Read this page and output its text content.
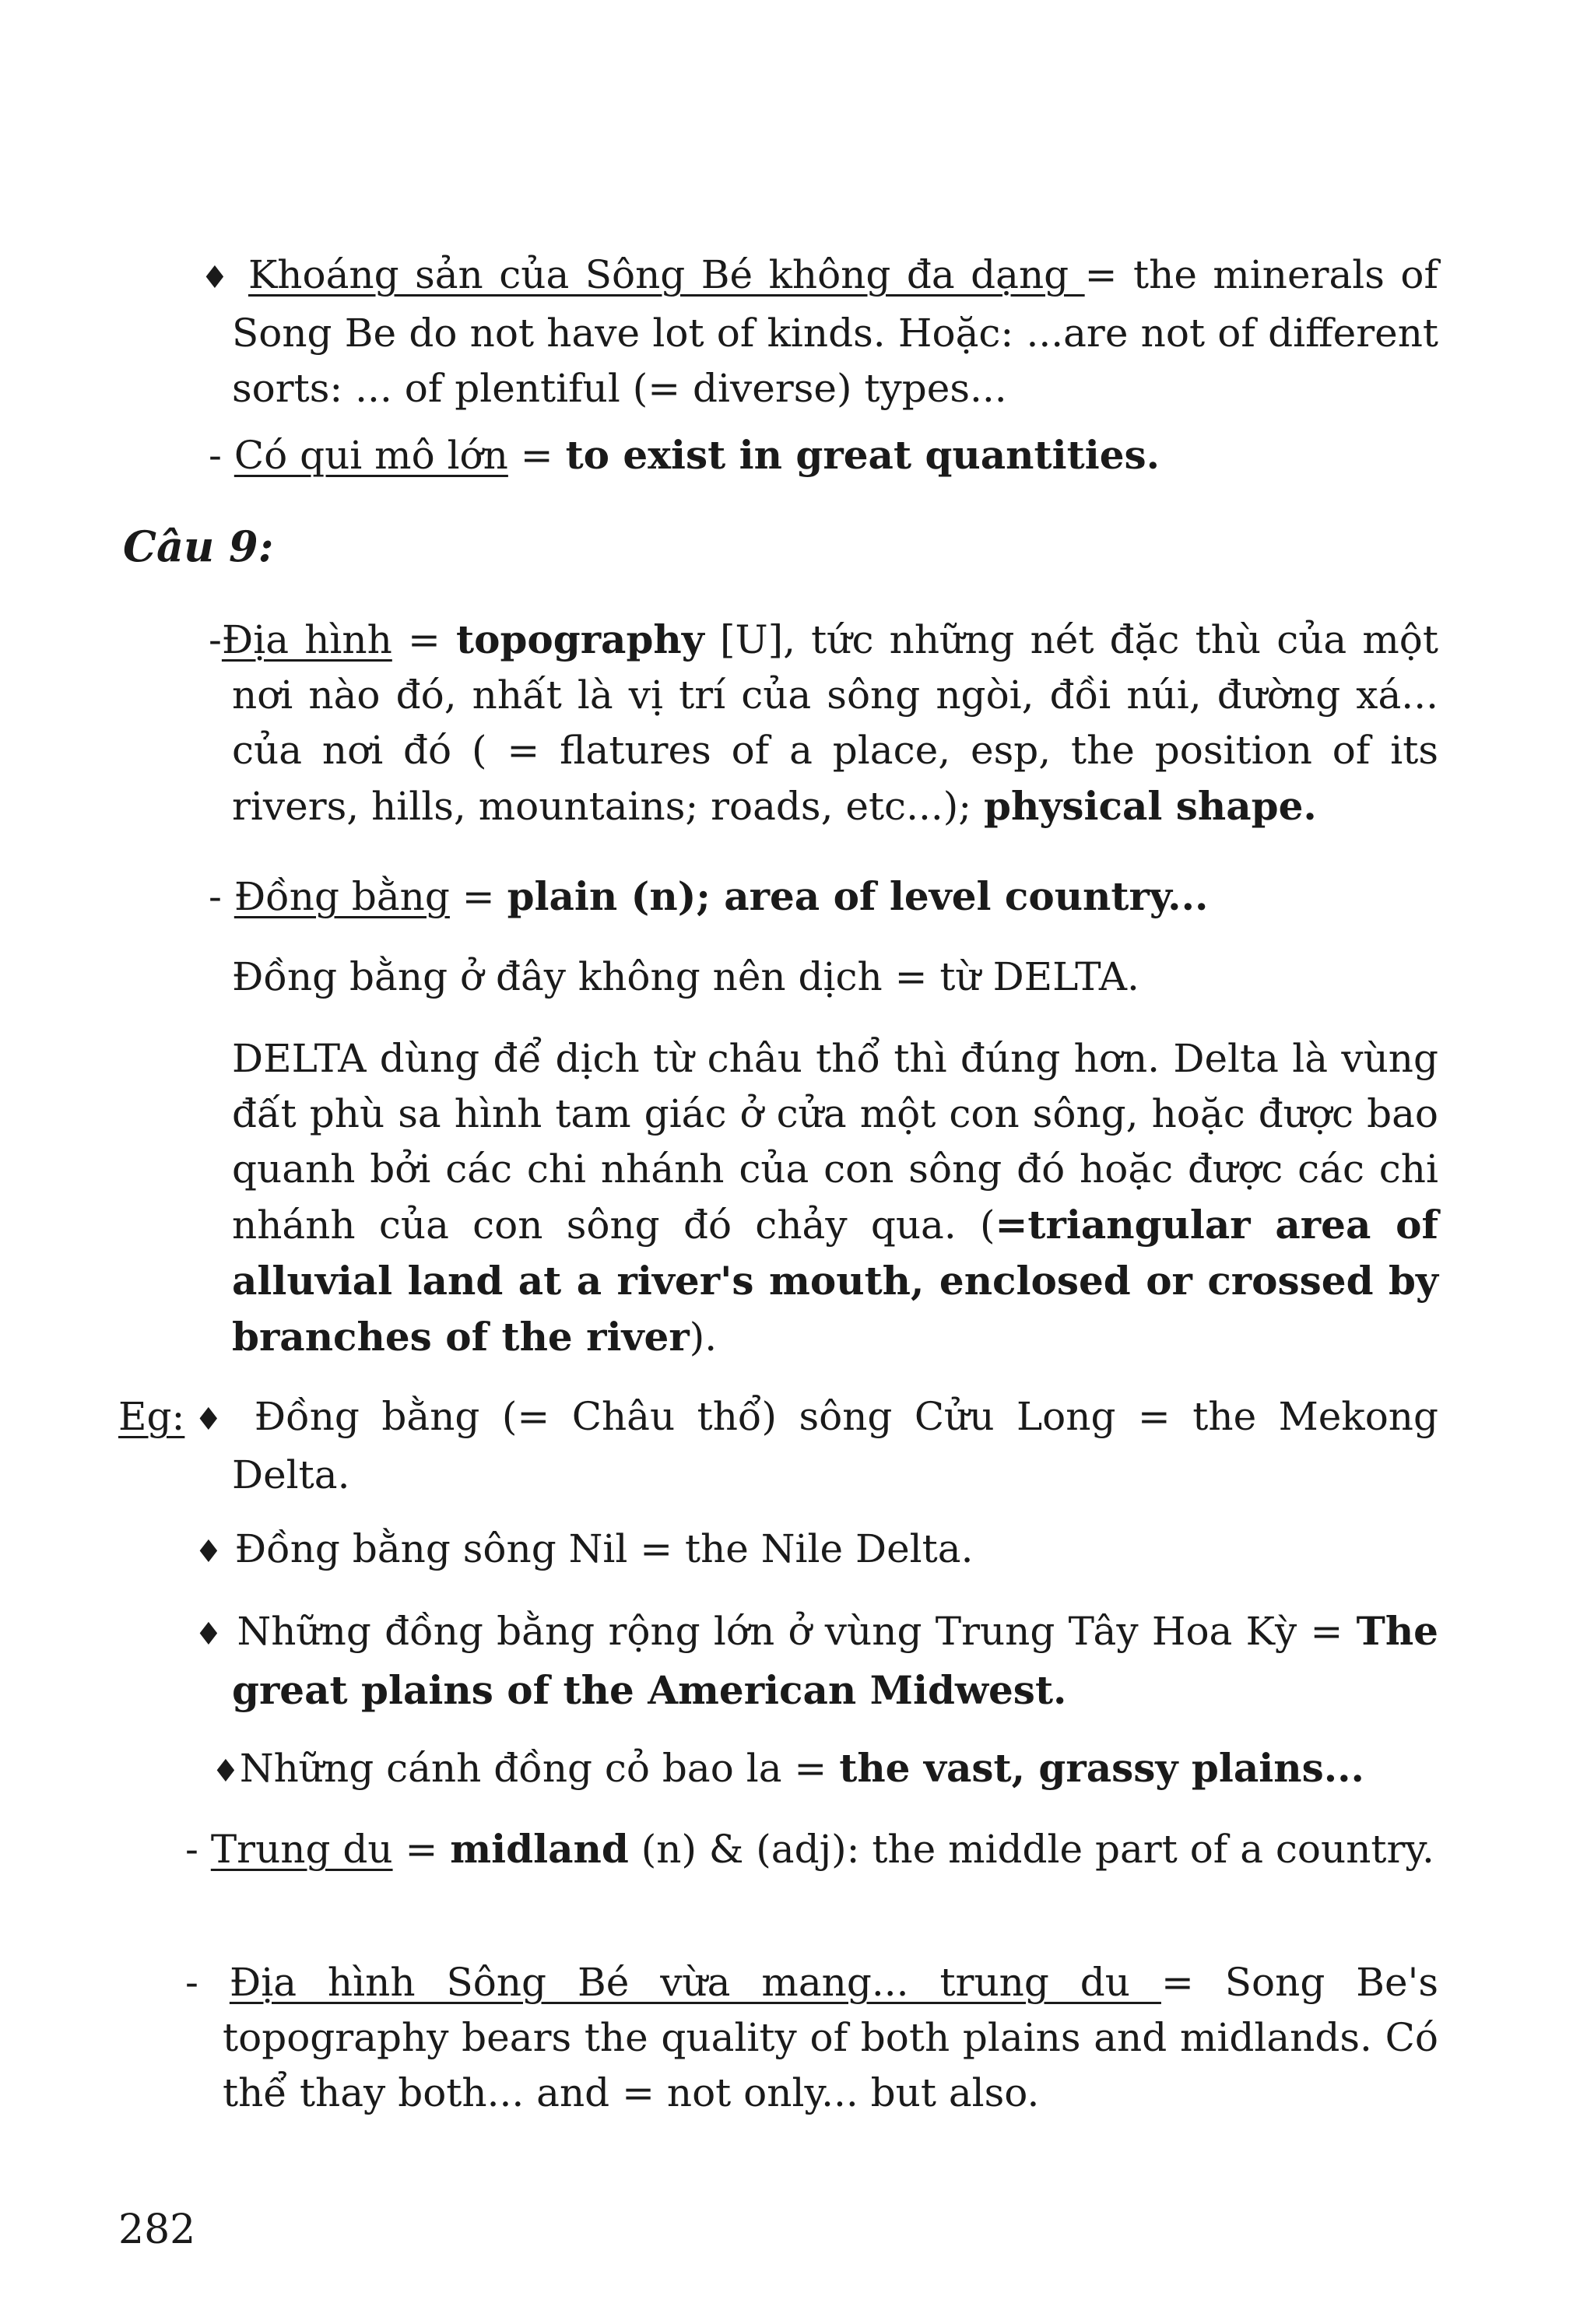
♦ Khoáng sản của Sông Bé không đa dạng = the minerals of Song Be do not have lot of kinds. Hoặc: ...are not of different sorts: ... of plentiful (= diverse) types...
- Có qui mô lớn = to exist in great quantities.
Câu 9:
-Địa hình = topography [U], tức những nét đặc thù của một nơi nào đó, nhất là vị trí của sông ngòi, đồi núi, đường xá... của nơi đó ( = flatures of a place, esp, the position of its rivers, hills, mountains; roads, etc...); physical shape.
- Đồng bằng = plain (n); area of level country...
Đồng bằng ở đây không nên dịch = từ DELTA.
DELTA dùng để dịch từ châu thổ thì đúng hơn. Delta là vùng đất phù sa hình tam giác ở cửa một con sông, hoặc được bao quanh bởi các chi nhánh của con sông đó hoặc được các chi nhánh của con sông đó chảy qua. (=triangular area of alluvial land at a river's mouth, enclosed or crossed by branches of the river).
Eg:♦ Đồng bằng (= Châu thổ) sông Cửu Long = the Mekong Delta.
♦ Đồng bằng sông Nil = the Nile Delta.
♦ Những đồng bằng rộng lớn ở vùng Trung Tây Hoa Kỳ = The great plains of the American Midwest.
♦Những cánh đồng cỏ bao la = the vast, grassy plains...
- Trung du = midland (n) & (adj): the middle part of a country.
- Địa hình Sông Bé vừa mang... trung du = Song Be's topography bears the quality of both plains and midlands. Có thể thay both... and = not only... but also.
282
